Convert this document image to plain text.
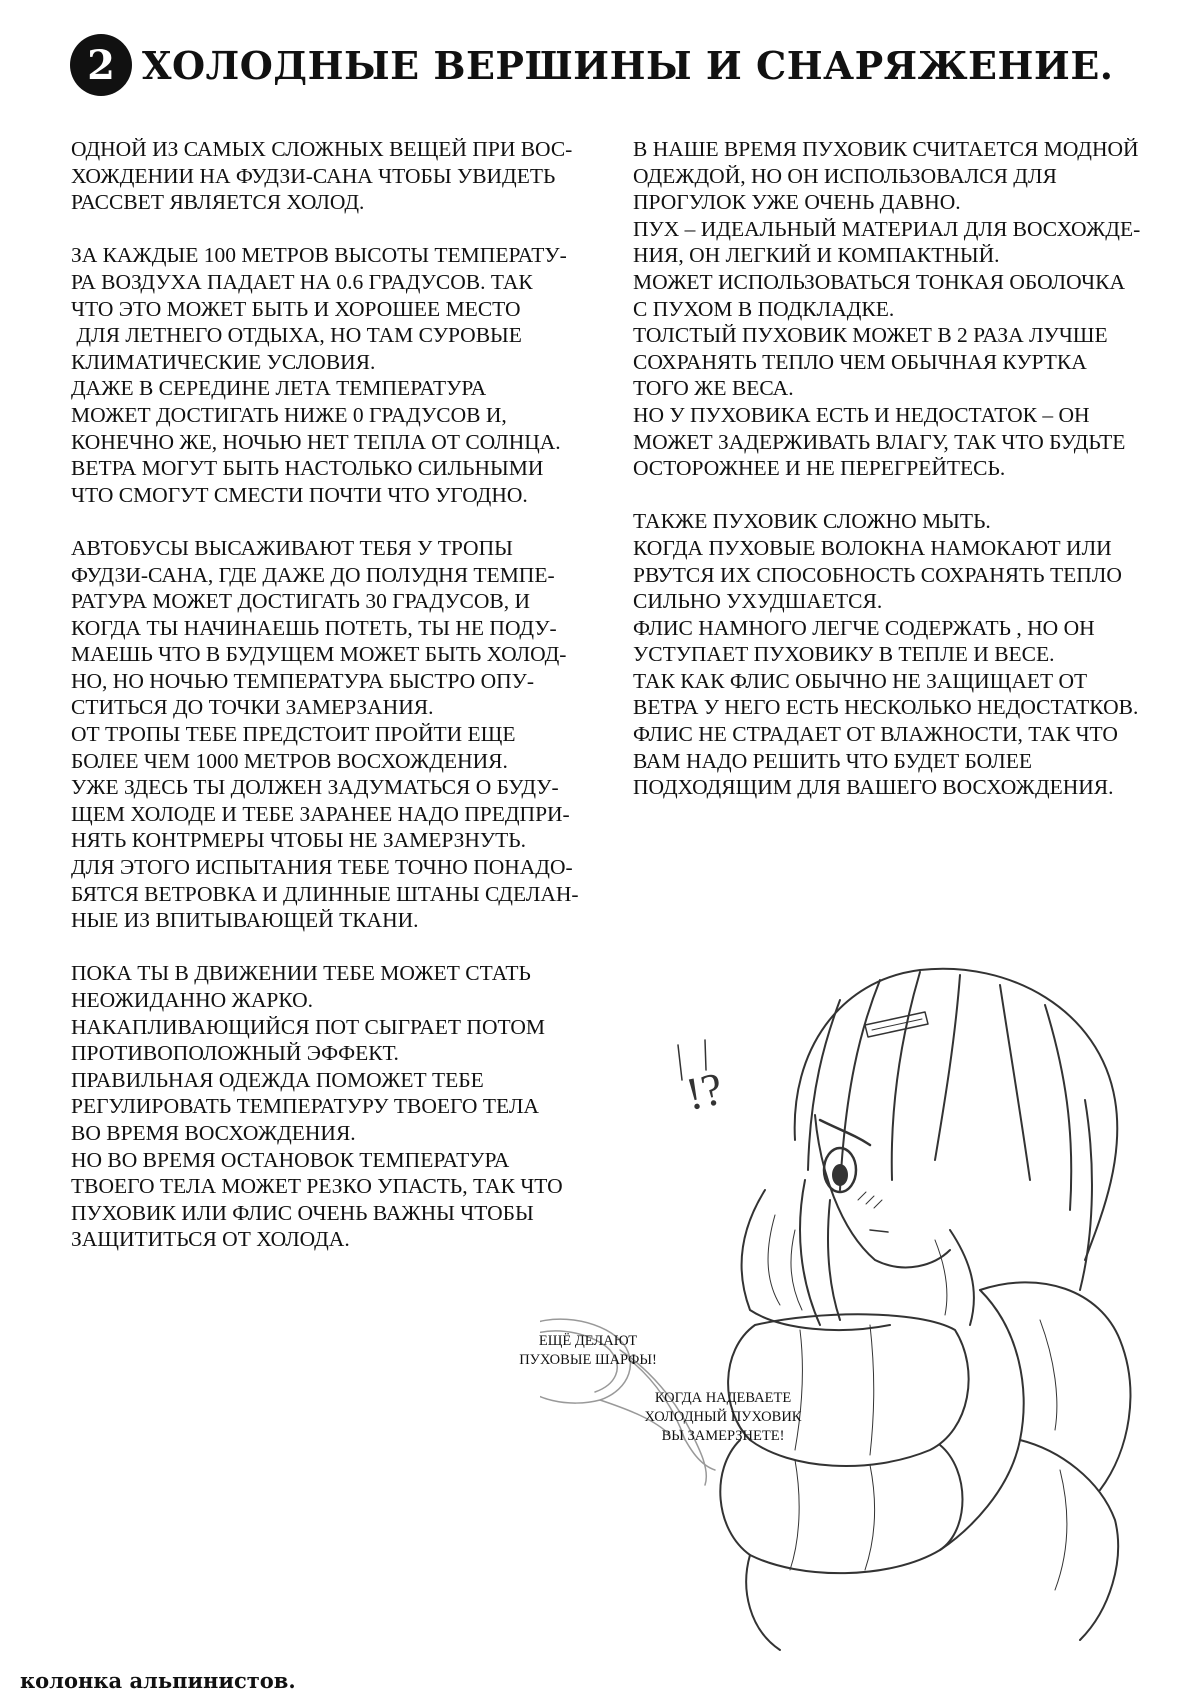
2 ХОЛОДНЫЕ ВЕРШИНЫ И СНАРЯЖЕНИЕ.
ОДНОЙ ИЗ САМЫХ СЛОЖНЫХ ВЕЩЕЙ ПРИ ВОС-
ХОЖДЕНИИ НА ФУДЗИ-САНА ЧТОБЫ УВИДЕТЬ
РАССВЕТ ЯВЛЯЕТСЯ ХОЛОД.
ЗА КАЖДЫЕ 100 МЕТРОВ ВЫСОТЫ ТЕМПЕРАТУ-
РА ВОЗДУХА ПАДАЕТ НА 0.6 ГРАДУСОВ. ТАК
ЧТО ЭТО МОЖЕТ БЫТЬ И ХОРОШЕЕ МЕСТО
ДЛЯ ЛЕТНЕГО ОТДЫХА, НО ТАМ СУРОВЫЕ
КЛИМАТИЧЕСКИЕ УСЛОВИЯ.
ДАЖЕ В СЕРЕДИНЕ ЛЕТА ТЕМПЕРАТУРА
МОЖЕТ ДОСТИГАТЬ НИЖЕ 0 ГРАДУСОВ И,
КОНЕЧНО ЖЕ, НОЧЬЮ НЕТ ТЕПЛА ОТ СОЛНЦА.
ВЕТРА МОГУТ БЫТЬ НАСТОЛЬКО СИЛЬНЫМИ
ЧТО СМОГУТ СМЕСТИ ПОЧТИ ЧТО УГОДНО.
АВТОБУСЫ ВЫСАЖИВАЮТ ТЕБЯ У ТРОПЫ
ФУДЗИ-САНА, ГДЕ ДАЖЕ ДО ПОЛУДНЯ ТЕМПЕ-
РАТУРА МОЖЕТ ДОСТИГАТЬ 30 ГРАДУСОВ, И
КОГДА ТЫ НАЧИНАЕШЬ ПОТЕТЬ, ТЫ НЕ ПОДУ-
МАЕШЬ ЧТО В БУДУЩЕМ МОЖЕТ БЫТЬ ХОЛОД-
НО, НО НОЧЬЮ ТЕМПЕРАТУРА БЫСТРО ОПУ-
СТИТЬСЯ ДО ТОЧКИ ЗАМЕРЗАНИЯ.
ОТ ТРОПЫ ТЕБЕ ПРЕДСТОИТ ПРОЙТИ ЕЩЕ
БОЛЕЕ ЧЕМ 1000 МЕТРОВ ВОСХОЖДЕНИЯ.
УЖЕ ЗДЕСЬ ТЫ ДОЛЖЕН ЗАДУМАТЬСЯ О БУДУ-
ЩЕМ ХОЛОДЕ И ТЕБЕ ЗАРАНЕЕ НАДО ПРЕДПРИ-
НЯТЬ КОНТРМЕРЫ ЧТОБЫ НЕ ЗАМЕРЗНУТЬ.
ДЛЯ ЭТОГО ИСПЫТАНИЯ ТЕБЕ ТОЧНО ПОНАДО-
БЯТСЯ ВЕТРОВКА И ДЛИННЫЕ ШТАНЫ СДЕЛАН-
НЫЕ ИЗ ВПИТЫВАЮЩЕЙ ТКАНИ.
ПОКА ТЫ В ДВИЖЕНИИ ТЕБЕ МОЖЕТ СТАТЬ
НЕОЖИДАННО ЖАРКО.
НАКАПЛИВАЮЩИЙСЯ ПОТ СЫГРАЕТ ПОТОМ
ПРОТИВОПОЛОЖНЫЙ ЭФФЕКТ.
ПРАВИЛЬНАЯ ОДЕЖДА ПОМОЖЕТ ТЕБЕ
РЕГУЛИРОВАТЬ ТЕМПЕРАТУРУ ТВОЕГО ТЕЛА
ВО ВРЕМЯ ВОСХОЖДЕНИЯ.
НО ВО ВРЕМЯ ОСТАНОВОК ТЕМПЕРАТУРА
ТВОЕГО ТЕЛА МОЖЕТ РЕЗКО УПАСТЬ, ТАК ЧТО
ПУХОВИК ИЛИ ФЛИС ОЧЕНЬ ВАЖНЫ ЧТОБЫ
ЗАЩИТИТЬСЯ ОТ ХОЛОДА.
В НАШЕ ВРЕМЯ ПУХОВИК СЧИТАЕТСЯ МОДНОЙ
ОДЕЖДОЙ, НО ОН ИСПОЛЬЗОВАЛСЯ ДЛЯ
ПРОГУЛОК УЖЕ ОЧЕНЬ ДАВНО.
ПУХ – ИДЕАЛЬНЫЙ МАТЕРИАЛ ДЛЯ ВОСХОЖДЕ-
НИЯ, ОН ЛЕГКИЙ И КОМПАКТНЫЙ.
МОЖЕТ ИСПОЛЬЗОВАТЬСЯ ТОНКАЯ ОБОЛОЧКА
С ПУХОМ В ПОДКЛАДКЕ.
ТОЛСТЫЙ ПУХОВИК МОЖЕТ В 2 РАЗА ЛУЧШЕ
СОХРАНЯТЬ ТЕПЛО ЧЕМ ОБЫЧНАЯ КУРТКА
ТОГО ЖЕ ВЕСА.
НО У ПУХОВИКА ЕСТЬ И НЕДОСТАТОК – ОН
МОЖЕТ ЗАДЕРЖИВАТЬ ВЛАГУ, ТАК ЧТО БУДЬТЕ
ОСТОРОЖНЕЕ И НЕ ПЕРЕГРЕЙТЕСЬ.
ТАКЖЕ ПУХОВИК СЛОЖНО МЫТЬ.
КОГДА ПУХОВЫЕ ВОЛОКНА НАМОКАЮТ ИЛИ
РВУТСЯ ИХ СПОСОБНОСТЬ СОХРАНЯТЬ ТЕПЛО
СИЛЬНО УХУДШАЕТСЯ.
ФЛИС НАМНОГО ЛЕГЧЕ СОДЕРЖАТЬ , НО ОН
УСТУПАЕТ ПУХОВИКУ В ТЕПЛЕ И ВЕСЕ.
ТАК КАК ФЛИС ОБЫЧНО НЕ ЗАЩИЩАЕТ ОТ
ВЕТРА У НЕГО ЕСТЬ НЕСКОЛЬКО НЕДОСТАТКОВ.
ФЛИС НЕ СТРАДАЕТ ОТ ВЛАЖНОСТИ, ТАК ЧТО
ВАМ НАДО РЕШИТЬ ЧТО БУДЕТ БОЛЕЕ
ПОДХОДЯЩИМ ДЛЯ ВАШЕГО ВОСХОЖДЕНИЯ.
!?
ЕЩЁ ДЕЛАЮТ
ПУХОВЫЕ ШАРФЫ!
КОГДА НАДЕВАЕТЕ
ХОЛОДНЫЙ ПУХОВИК
ВЫ ЗАМЕРЗНЕТЕ!
колонка альпинистов.
